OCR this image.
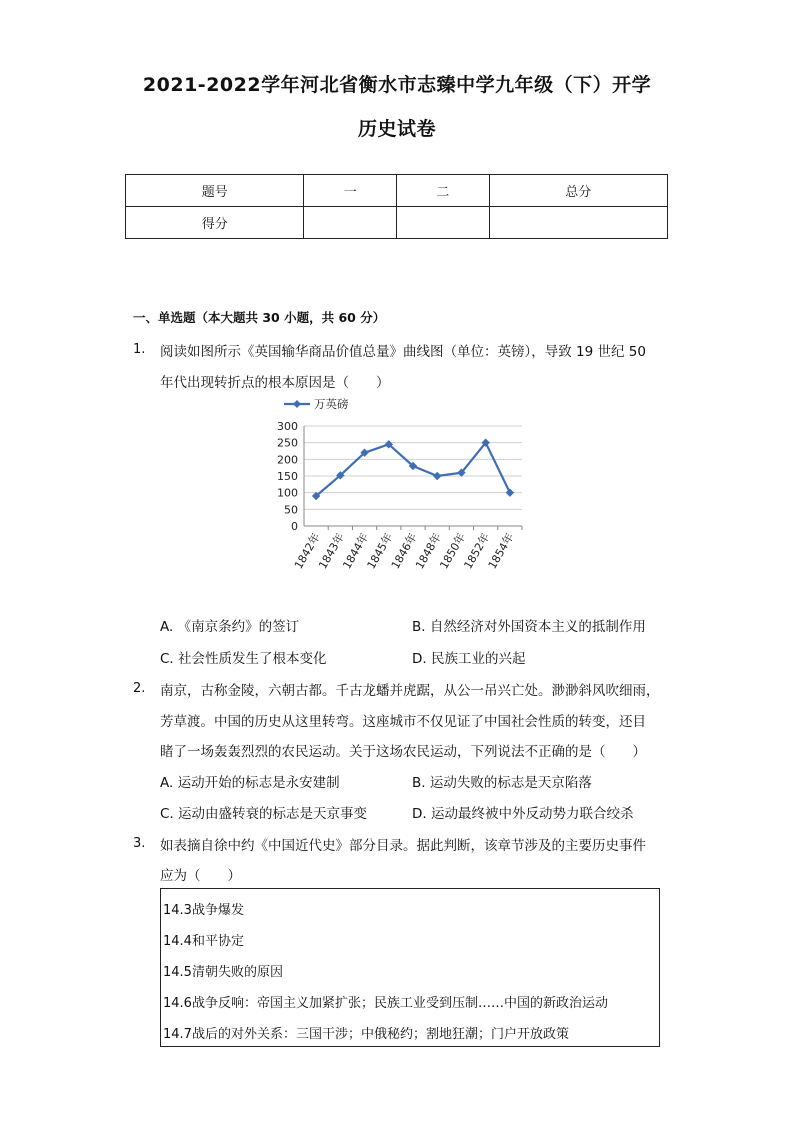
2021-2022学年河北省衡水市志臻中学九年级（下）开学
历史试卷
题号	一	二	总分
得分			
一、单选题（本大题共 30 小题，共 60 分）
1. 阅读如图所示《英国输华商品价值总量》曲线图（单位：英镑），导致 19 世纪 50
年代出现转折点的根本原因是（　　）
0
50
100
150
200
250
300
1842年
1843年
1844年
1845年
1846年
1848年
1850年
1852年
1854年
万英磅
A. 《南京条约》的签订	B. 自然经济对外国资本主义的抵制作用
C. 社会性质发生了根本变化	D. 民族工业的兴起
2. 南京，古称金陵，六朝古都。千古龙蟠并虎踞，从公一吊兴亡处。渺渺斜风吹细雨，
芳草渡。中国的历史从这里转弯。这座城市不仅见证了中国社会性质的转变，还目
睹了一场轰轰烈烈的农民运动。关于这场农民运动，下列说法不正确的是（　　）
A. 运动开始的标志是永安建制	B. 运动失败的标志是天京陷落
C. 运动由盛转衰的标志是天京事变	D. 运动最终被中外反动势力联合绞杀
3. 如表摘自徐中约《中国近代史》部分目录。据此判断，该章节涉及的主要历史事件
应为（　　）
14.3战争爆发
14.4和平协定
14.5清朝失败的原因
14.6战争反响：帝国主义加紧扩张；民族工业受到压制……中国的新政治运动
14.7战后的对外关系：三国干涉；中俄秘约；割地狂潮；门户开放政策
